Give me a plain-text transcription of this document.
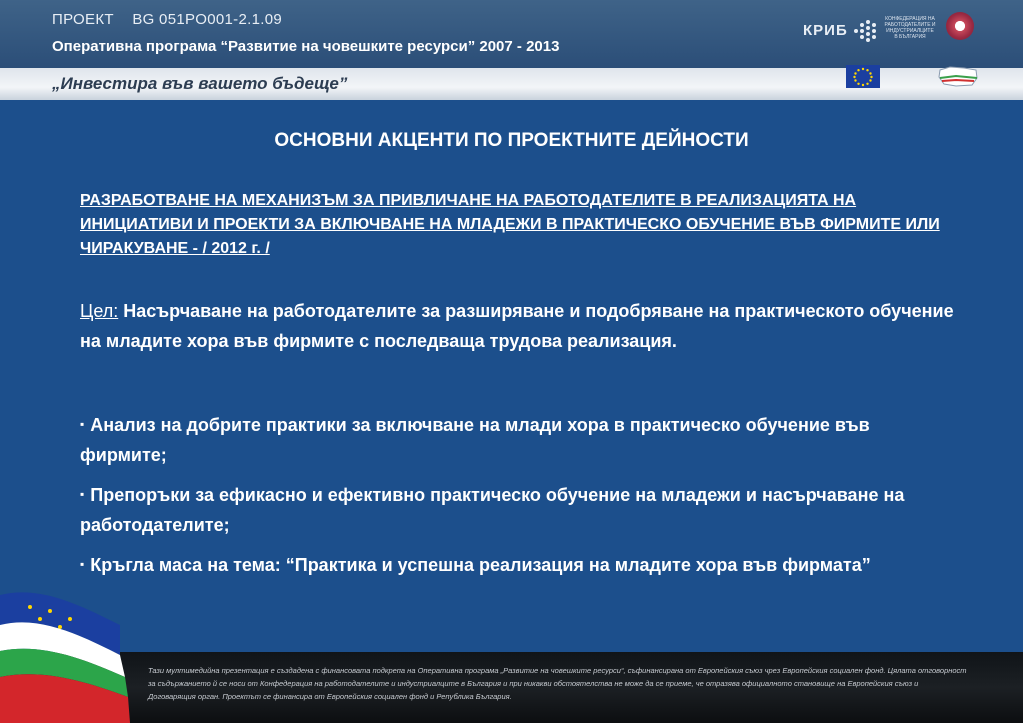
ПРОЕКТ BG 051PO001-2.1.09
Оперативна програма “Развитие на човешките ресурси” 2007 - 2013
„Инвестира във вашето бъдеще”
КРИБ
КОНФЕДЕРАЦИЯ НА РАБОТОДАТЕЛИТЕ И ИНДУСТРИАЛЦИТЕ В БЪЛГАРИЯ
ОСНОВНИ АКЦЕНТИ ПО ПРОЕКТНИТЕ ДЕЙНОСТИ
РАЗРАБОТВАНЕ НА МЕХАНИЗЪМ ЗА ПРИВЛИЧАНЕ НА РАБОТОДАТЕЛИТЕ В РЕАЛИЗАЦИЯТА НА ИНИЦИАТИВИ И ПРОЕКТИ ЗА ВКЛЮЧВАНЕ НА МЛАДЕЖИ В ПРАКТИЧЕСКО ОБУЧЕНИЕ ВЪВ ФИРМИТЕ ИЛИ ЧИРАКУВАНЕ - / 2012 г. /
Цел: Насърчаване на работодателите за разширяване и подобряване на практическото обучение на младите хора във фирмите с последваща трудова реализация.
▪ Анализ на добрите практики за включване на млади хора в практическо обучение във фирмите;
▪ Препоръки за ефикасно и ефективно практическо обучение на младежи и насърчаване на работодателите;
▪ Кръгла маса на тема: “Практика и успешна реализация на младите хора във фирмата”
Тази мултимедийна презентация е създадена с финансовата подкрепа на Оперативна програма „Развитие на човешките ресурси“, съфинансирана от Европейския съюз чрез Европейския социален фонд. Цялата отговорност за съдържанието й се носи от Конфедерация на работодателите и индустриалците в България и при никакви обстоятелства не може да се приеме, че отразява официалното становище на Европейския съюз и Договарящия орган. Проектът се финансира от Европейския социален фонд и Република България.
